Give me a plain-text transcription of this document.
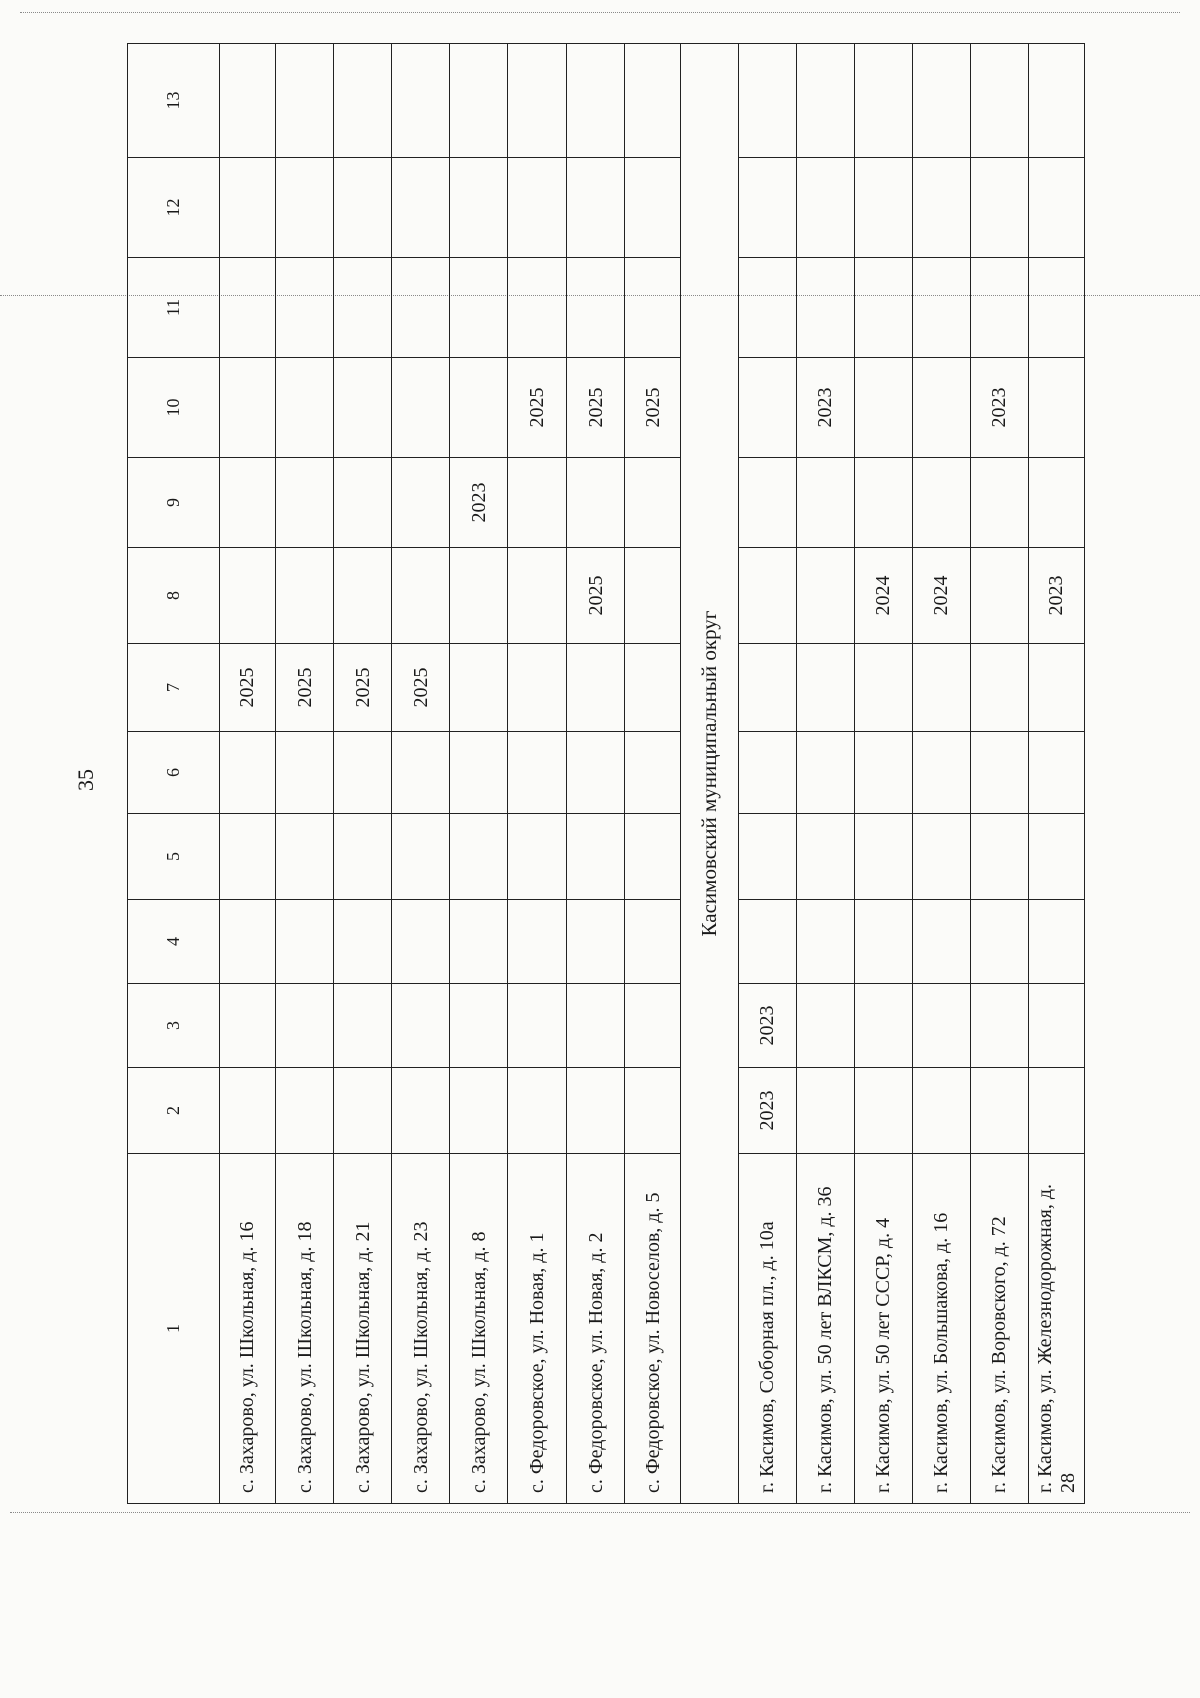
35
1	2	3	4	5	6	7	8	9	10	11	12	13
с. Захарово, ул. Школьная, д. 16						2025						
с. Захарово, ул. Школьная, д. 18						2025						
с. Захарово, ул. Школьная, д. 21						2025						
с. Захарово, ул. Школьная, д. 23						2025						
с. Захарово, ул. Школьная, д. 8								2023				
с. Федоровское, ул. Новая, д. 1									2025			
с. Федоровское, ул. Новая, д. 2							2025		2025			
с. Федоровское, ул. Новоселов, д. 5									2025			
Касимовский муниципальный округ												
г. Касимов, Соборная пл., д. 10а	2023	2023										
г. Касимов, ул. 50 лет ВЛКСМ, д. 36									2023			
г. Касимов, ул. 50 лет СССР, д. 4							2024					
г. Касимов, ул. Большакова, д. 16							2024					
г. Касимов, ул. Воровского, д. 72									2023			
г. Касимов, ул. Железнодорожная, д. 28							2023					
